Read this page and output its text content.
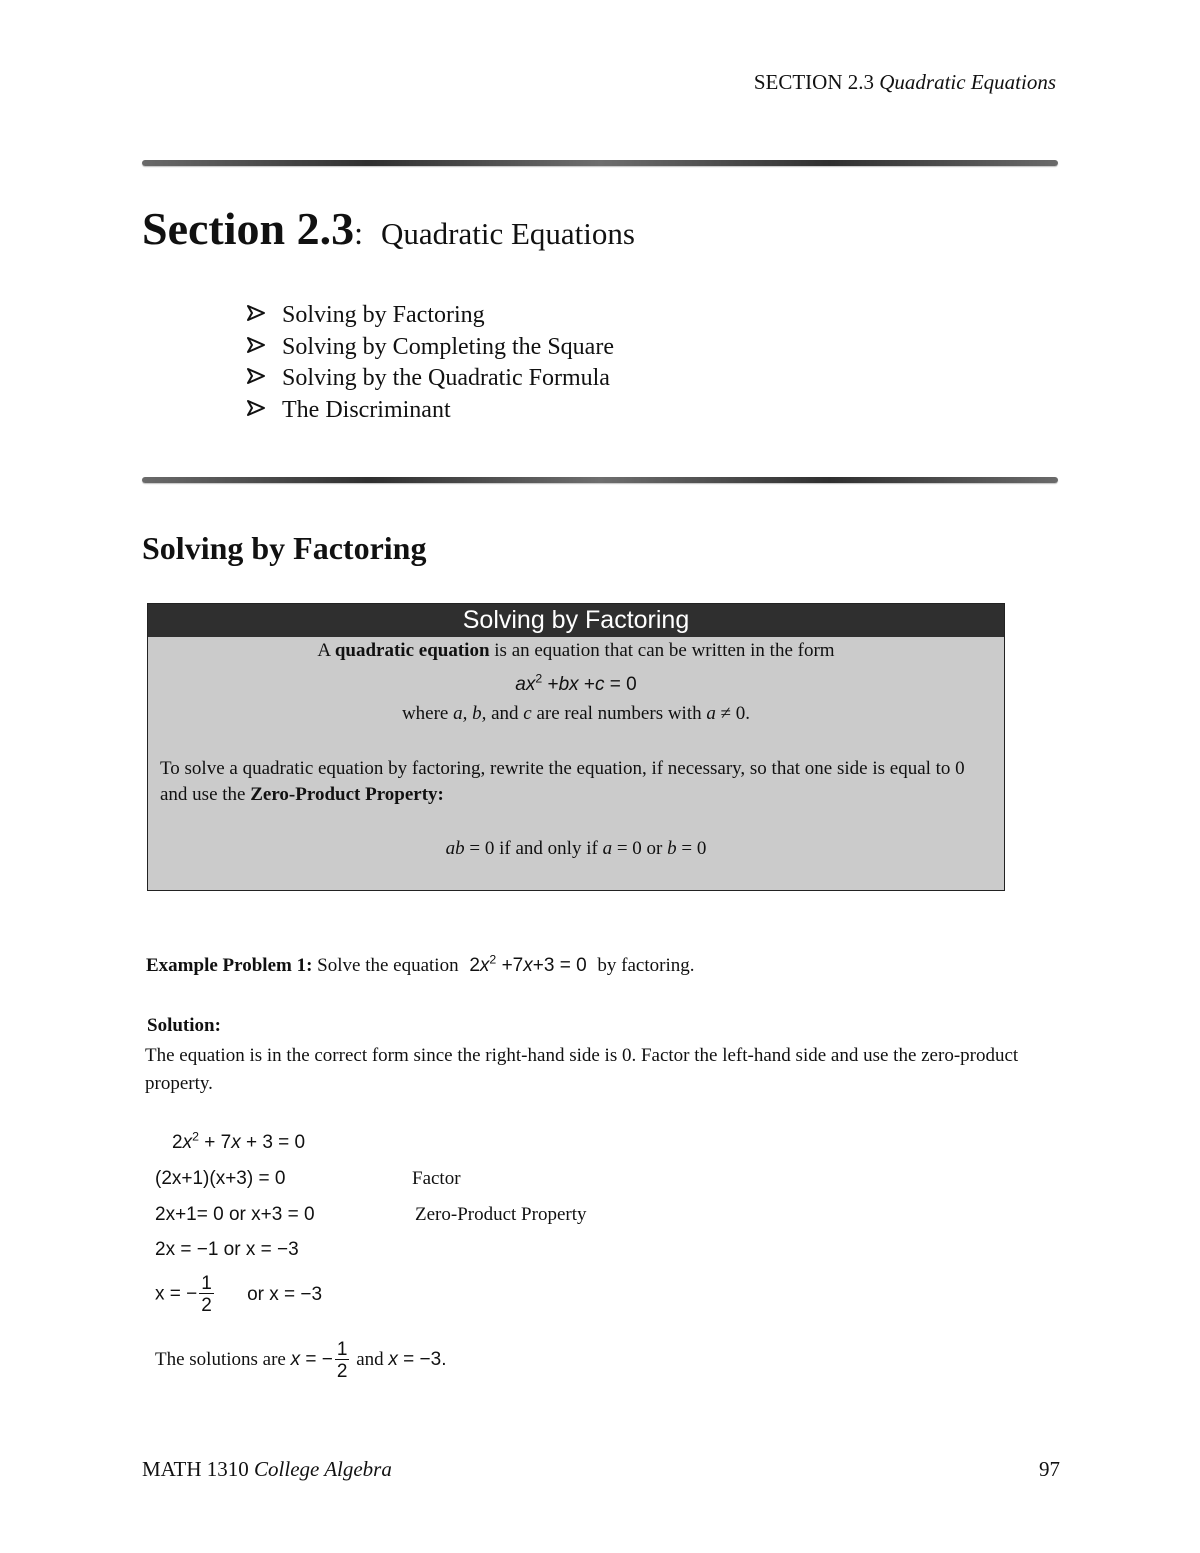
SECTION 2.3 Quadratic Equations
Section 2.3: Quadratic Equations
Solving by Factoring
Solving by Completing the Square
Solving by the Quadratic Formula
The Discriminant
Solving by Factoring
Solving by Factoring
A quadratic equation is an equation that can be written in the form
$ax^2 +bx +c = 0$
where a, b, and c are real numbers with a ≠ 0.
To solve a quadratic equation by factoring, rewrite the equation, if necessary, so that one side is equal to 0 and use the Zero-Product Property:
ab = 0 if and only if a = 0 or b = 0
Example Problem 1: Solve the equation $2x^2 +7x+3 = 0$ by factoring.
Solution:
The equation is in the correct form since the right-hand side is 0. Factor the left-hand side and use the zero-product property.
$2x^2 + 7x + 3 = 0$
(2x+1)(x+3) = 0	Factor
2x+1= 0 or x+3 = 0	Zero-Product Property
2x = −1 or x = −3
x = − $\frac{1}{2}$ or x = −3
The solutions are x = − $\frac{1}{2}$ and x = −3.
MATH 1310 College Algebra	97
